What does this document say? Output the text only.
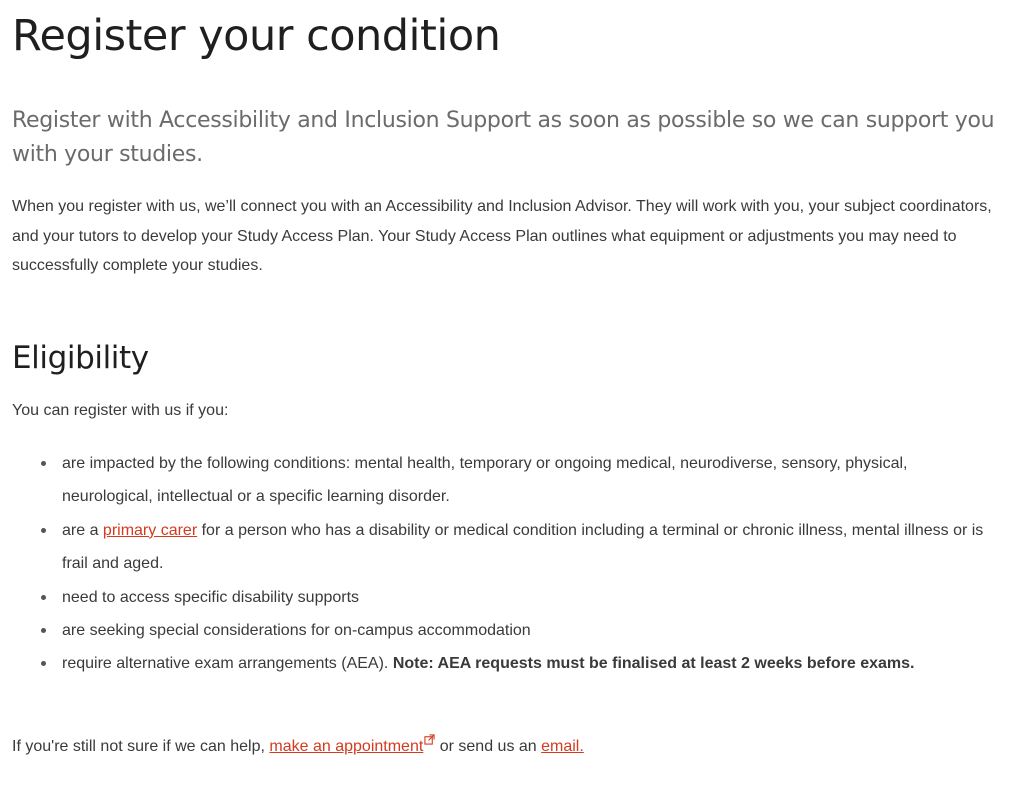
Register your condition

Register with Accessibility and Inclusion Support as soon as possible so we can support you with your studies.

When you register with us, we’ll connect you with an Accessibility and Inclusion Advisor. They will work with you, your subject coordinators, and your tutors to develop your Study Access Plan. Your Study Access Plan outlines what equipment or adjustments you may need to successfully complete your studies.

Eligibility

You can register with us if you:

are impacted by the following conditions: mental health, temporary or ongoing medical, neurodiverse, sensory, physical, neurological, intellectual or a specific learning disorder.
are a primary carer for a person who has a disability or medical condition including a terminal or chronic illness, mental illness or is frail and aged.
need to access specific disability supports
are seeking special considerations for on-campus accommodation
require alternative exam arrangements (AEA). Note: AEA requests must be finalised at least 2 weeks before exams.

If you're still not sure if we can help, make an appointment or send us an email.
